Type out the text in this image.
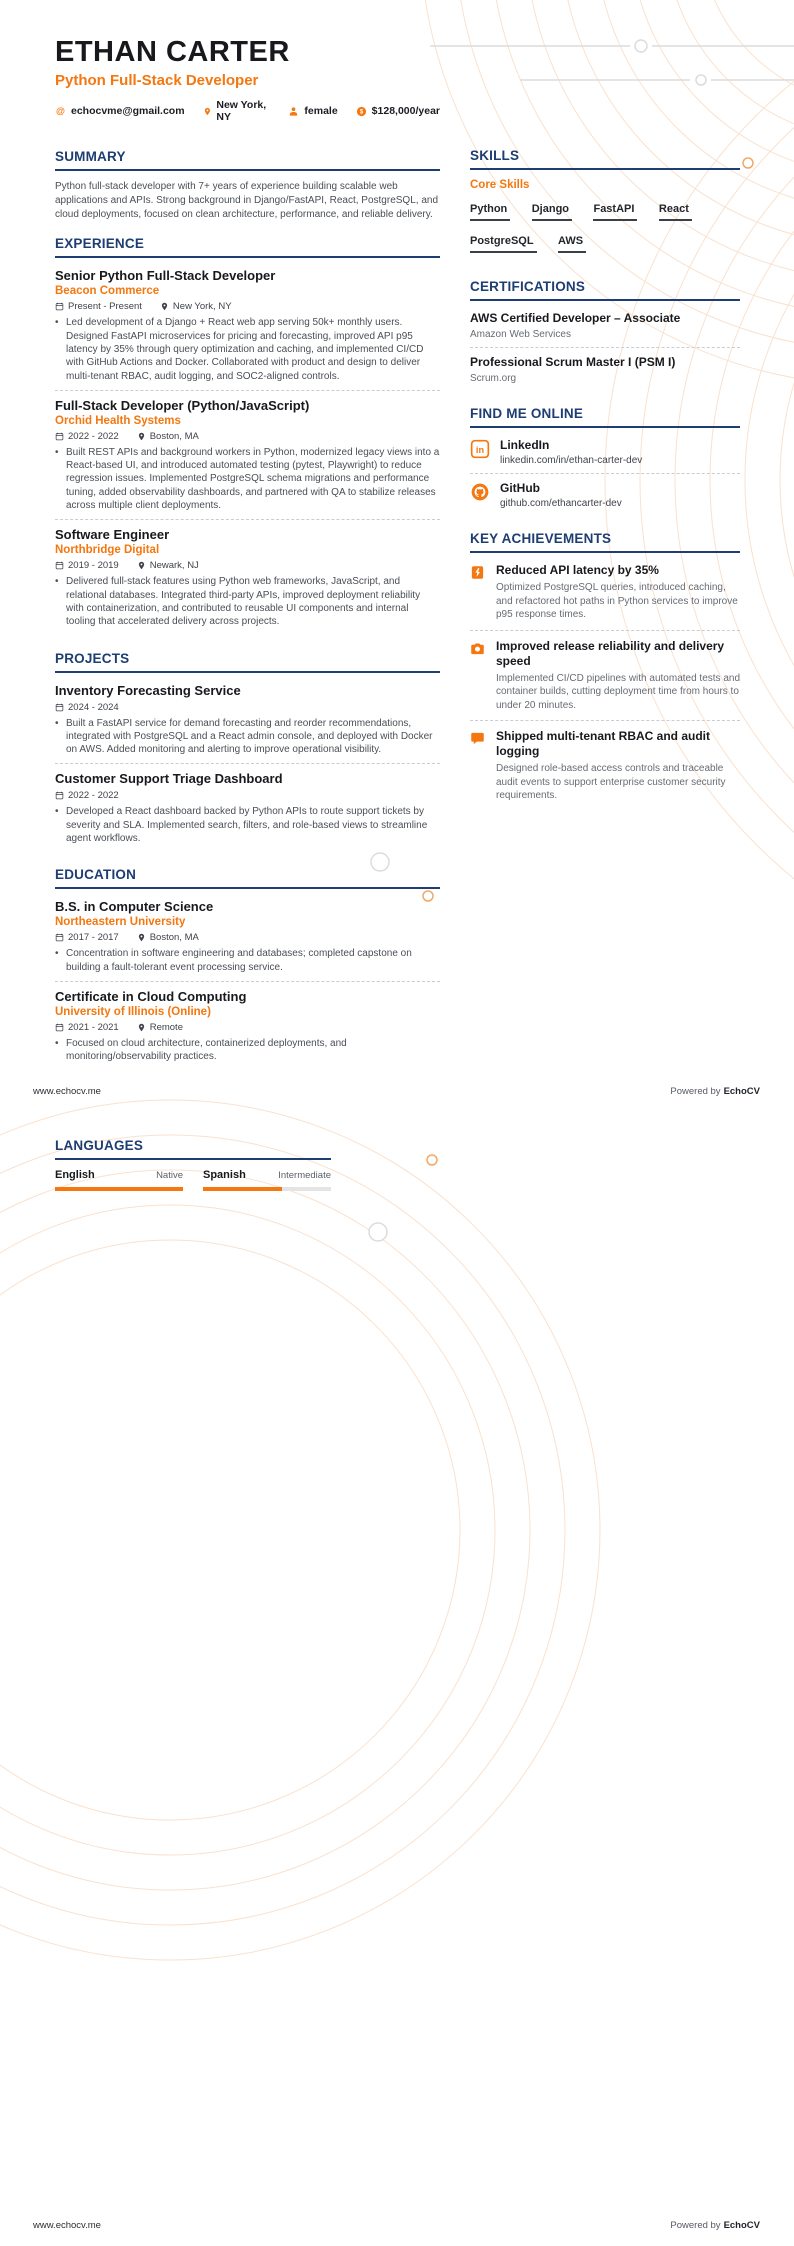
ETHAN CARTER
Python Full-Stack Developer
echocvme@gmail.com	New York, NY	female	$128,000/year
SUMMARY
Python full-stack developer with 7+ years of experience building scalable web applications and APIs. Strong background in Django/FastAPI, React, PostgreSQL, and cloud deployments, focused on clean architecture, performance, and reliable delivery.
EXPERIENCE
Senior Python Full-Stack Developer
Beacon Commerce
Present - Present	New York, NY
•
Led development of a Django + React web app serving 50k+ monthly users. Designed FastAPI microservices for pricing and forecasting, improved API p95 latency by 35% through query optimization and caching, and implemented CI/CD with GitHub Actions and Docker. Collaborated with product and design to deliver multi-tenant RBAC, audit logging, and SOC2-aligned controls.
Full-Stack Developer (Python/JavaScript)
Orchid Health Systems
2022 - 2022	Boston, MA
•
Built REST APIs and background workers in Python, modernized legacy views into a React-based UI, and introduced automated testing (pytest, Playwright) to reduce regression issues. Implemented PostgreSQL schema migrations and performance tuning, added observability dashboards, and partnered with QA to stabilize releases across multiple client deployments.
Software Engineer
Northbridge Digital
2019 - 2019	Newark, NJ
•
Delivered full-stack features using Python web frameworks, JavaScript, and relational databases. Integrated third-party APIs, improved deployment reliability with containerization, and contributed to reusable UI components and internal tooling that accelerated delivery across projects.
PROJECTS
Inventory Forecasting Service
2024 - 2024
•
Built a FastAPI service for demand forecasting and reorder recommendations, integrated with PostgreSQL and a React admin console, and deployed with Docker on AWS. Added monitoring and alerting to improve operational visibility.
Customer Support Triage Dashboard
2022 - 2022
•
Developed a React dashboard backed by Python APIs to route support tickets by severity and SLA. Implemented search, filters, and role-based views to streamline agent workflows.
EDUCATION
B.S. in Computer Science
Northeastern University
2017 - 2017	Boston, MA
•
Concentration in software engineering and databases; completed capstone on building a fault-tolerant event processing service.
Certificate in Cloud Computing
University of Illinois (Online)
2021 - 2021	Remote
•
Focused on cloud architecture, containerized deployments, and monitoring/observability practices.
SKILLS
Core Skills
Python Django FastAPI React PostgreSQL AWS
CERTIFICATIONS
AWS Certified Developer – Associate
Amazon Web Services
Professional Scrum Master I (PSM I)
Scrum.org
FIND ME ONLINE
LinkedIn
linkedin.com/in/ethan-carter-dev
GitHub
github.com/ethancarter-dev
KEY ACHIEVEMENTS
Reduced API latency by 35%
Optimized PostgreSQL queries, introduced caching, and refactored hot paths in Python services to improve p95 response times.
Improved release reliability and delivery speed
Implemented CI/CD pipelines with automated tests and container builds, cutting deployment time from hours to under 20 minutes.
Shipped multi-tenant RBAC and audit logging
Designed role-based access controls and traceable audit events to support enterprise customer security requirements.
www.echocv.me	Powered by EchoCV
LANGUAGES
English	Native Spanish	Intermediate
www.echocv.me	Powered by EchoCV
